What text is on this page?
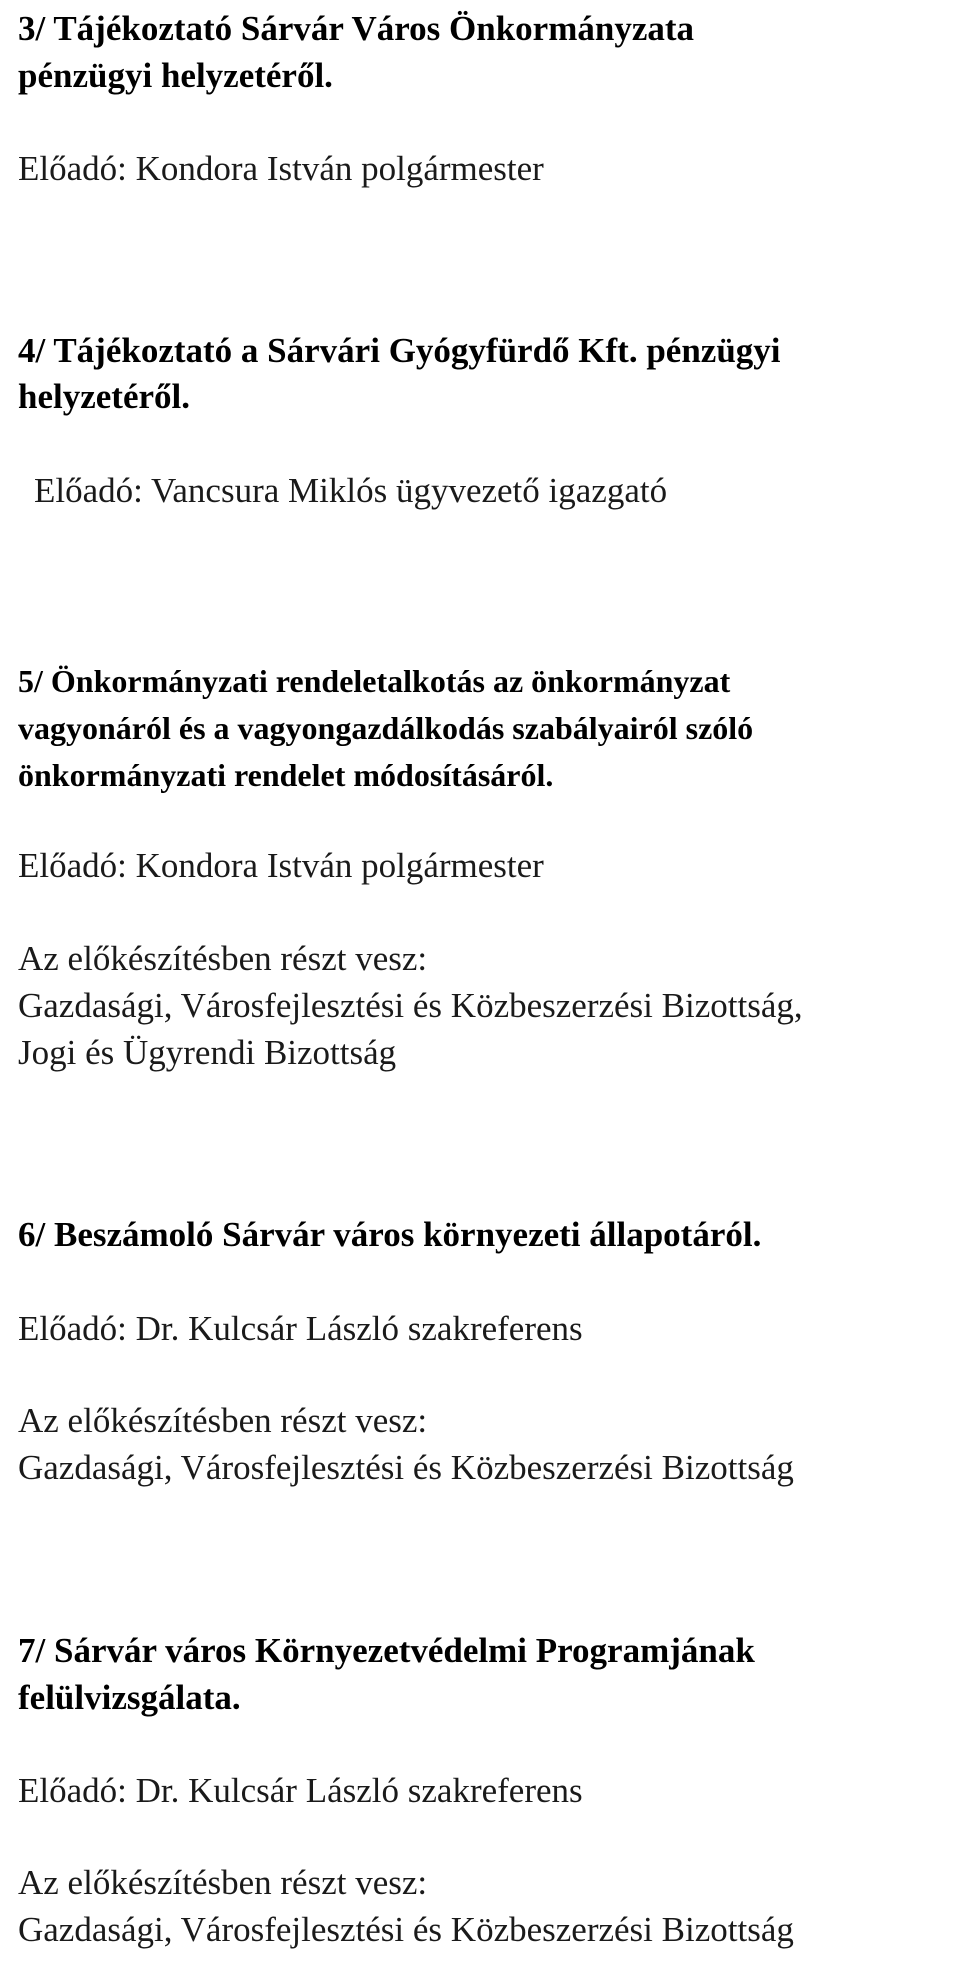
3/ Tájékoztató Sárvár Város Önkormányzata

pénzügyi helyzetéről.

Előadó: Kondora István polgármester

4/ Tájékoztató a Sárvári Gyógyfürdő Kft. pénzügyi

helyzetéről.

Előadó: Vancsura Miklós ügyvezető igazgató

5/ Önkormányzati rendeletalkotás az önkormányzat

vagyonáról és a vagyongazdálkodás szabályairól szóló

önkormányzati rendelet módosításáról.

Előadó: Kondora István polgármester

Az előkészítésben részt vesz:

Gazdasági, Városfejlesztési és Közbeszerzési Bizottság,

Jogi és Ügyrendi Bizottság

6/ Beszámoló Sárvár város környezeti állapotáról.

Előadó: Dr. Kulcsár László szakreferens

Az előkészítésben részt vesz:

Gazdasági, Városfejlesztési és Közbeszerzési Bizottság

7/ Sárvár város Környezetvédelmi Programjának

felülvizsgálata.

Előadó: Dr. Kulcsár László szakreferens

Az előkészítésben részt vesz:

Gazdasági, Városfejlesztési és Közbeszerzési Bizottság
